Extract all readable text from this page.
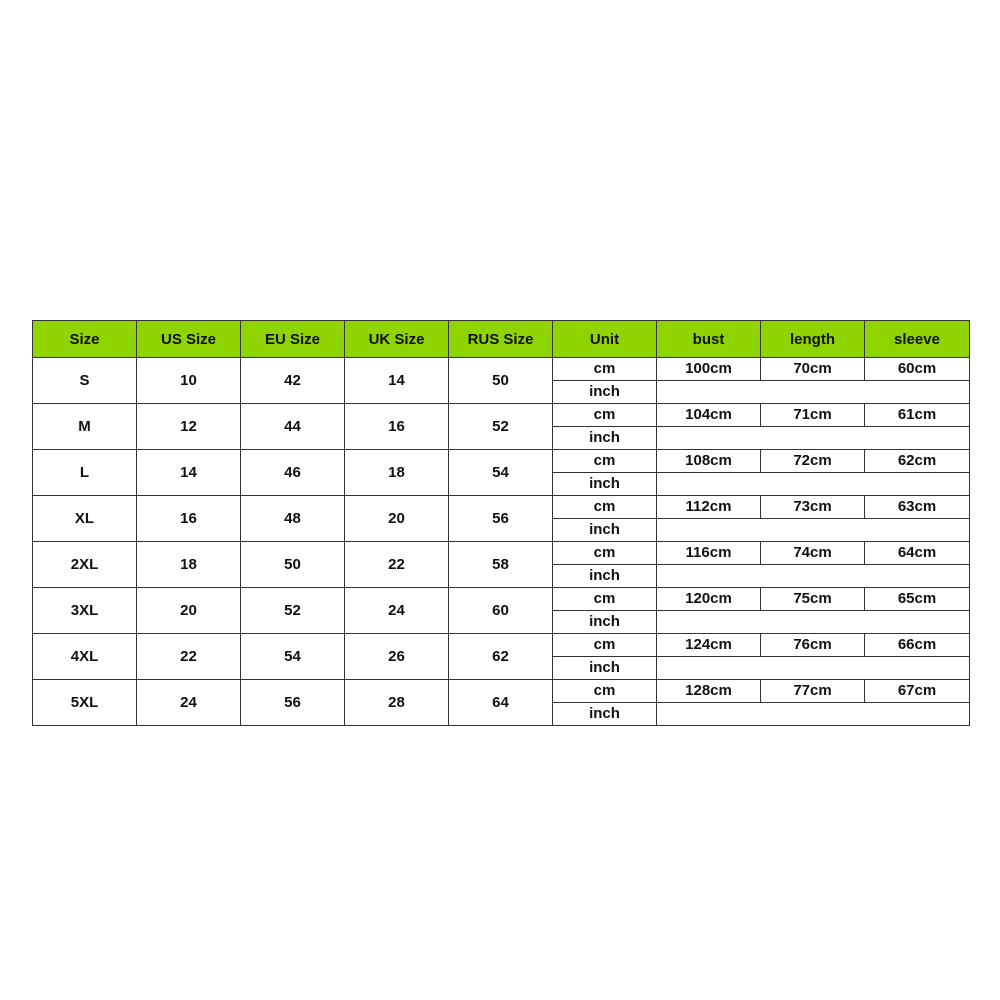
Size	US Size	EU Size	UK Size	RUS Size	Unit	bust	length	sleeve
S	10	42	14	50	cm	100cm	70cm	60cm
					inch			
M	12	44	16	52	cm	104cm	71cm	61cm
					inch			
L	14	46	18	54	cm	108cm	72cm	62cm
					inch			
XL	16	48	20	56	cm	112cm	73cm	63cm
					inch			
2XL	18	50	22	58	cm	116cm	74cm	64cm
					inch			
3XL	20	52	24	60	cm	120cm	75cm	65cm
					inch			
4XL	22	54	26	62	cm	124cm	76cm	66cm
					inch			
5XL	24	56	28	64	cm	128cm	77cm	67cm
					inch			
